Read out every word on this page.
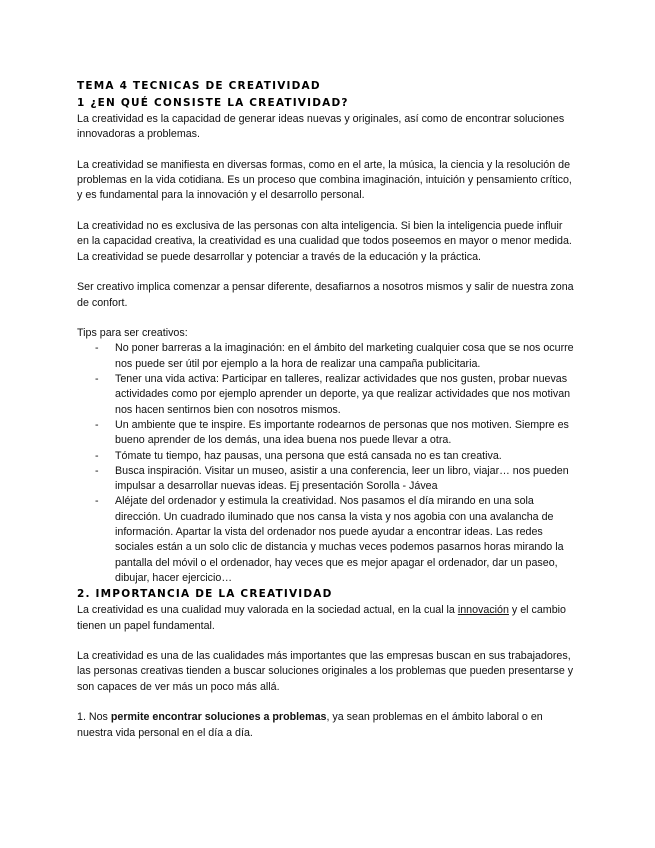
TEMA 4 TECNICAS DE CREATIVIDAD
1 ¿EN QUÉ CONSISTE LA CREATIVIDAD?

La creatividad es la capacidad de generar ideas nuevas y originales, así como de encontrar soluciones innovadoras a problemas.

La creatividad se manifiesta en diversas formas, como en el arte, la música, la ciencia y la resolución de problemas en la vida cotidiana. Es un proceso que combina imaginación, intuición y pensamiento crítico, y es fundamental para la innovación y el desarrollo personal.

La creatividad no es exclusiva de las personas con alta inteligencia. Si bien la inteligencia puede influir en la capacidad creativa, la creatividad es una cualidad que todos poseemos en mayor o menor medida. La creatividad se puede desarrollar y potenciar a través de la educación y la práctica.

Ser creativo implica comenzar a pensar diferente, desafiarnos a nosotros mismos y salir de nuestra zona de confort.

Tips para ser creativos:

- No poner barreras a la imaginación: en el ámbito del marketing cualquier cosa que se nos ocurre nos puede ser útil por ejemplo a la hora de realizar una campaña publicitaria.
- Tener una vida activa: Participar en talleres, realizar actividades que nos gusten, probar nuevas actividades como por ejemplo aprender un deporte, ya que realizar actividades que nos motivan nos hacen sentirnos bien con nosotros mismos.
- Un ambiente que te inspire. Es importante rodearnos de personas que nos motiven. Siempre es bueno aprender de los demás, una idea buena nos puede llevar a otra.
- Tómate tu tiempo, haz pausas, una persona que está cansada no es tan creativa.
- Busca inspiración. Visitar un museo, asistir a una conferencia, leer un libro, viajar… nos pueden impulsar a desarrollar nuevas ideas. Ej presentación Sorolla - Jávea
- Aléjate del ordenador y estimula la creatividad. Nos pasamos el día mirando en una sola dirección. Un cuadrado iluminado que nos cansa la vista y nos agobia con una avalancha de información. Apartar la vista del ordenador nos puede ayudar a encontrar ideas. Las redes sociales están a un solo clic de distancia y muchas veces podemos pasarnos horas mirando la pantalla del móvil o el ordenador, hay veces que es mejor apagar el ordenador, dar un paseo, dibujar, hacer ejercicio…
2. IMPORTANCIA DE LA CREATIVIDAD

La creatividad es una cualidad muy valorada en la sociedad actual, en la cual la innovación y el cambio tienen un papel fundamental.

La creatividad es una de las cualidades más importantes que las empresas buscan en sus trabajadores, las personas creativas tienden a buscar soluciones originales a los problemas que pueden presentarse y son capaces de ver más un poco más allá.

1. Nos permite encontrar soluciones a problemas, ya sean problemas en el ámbito laboral o en nuestra vida personal en el día a día.
